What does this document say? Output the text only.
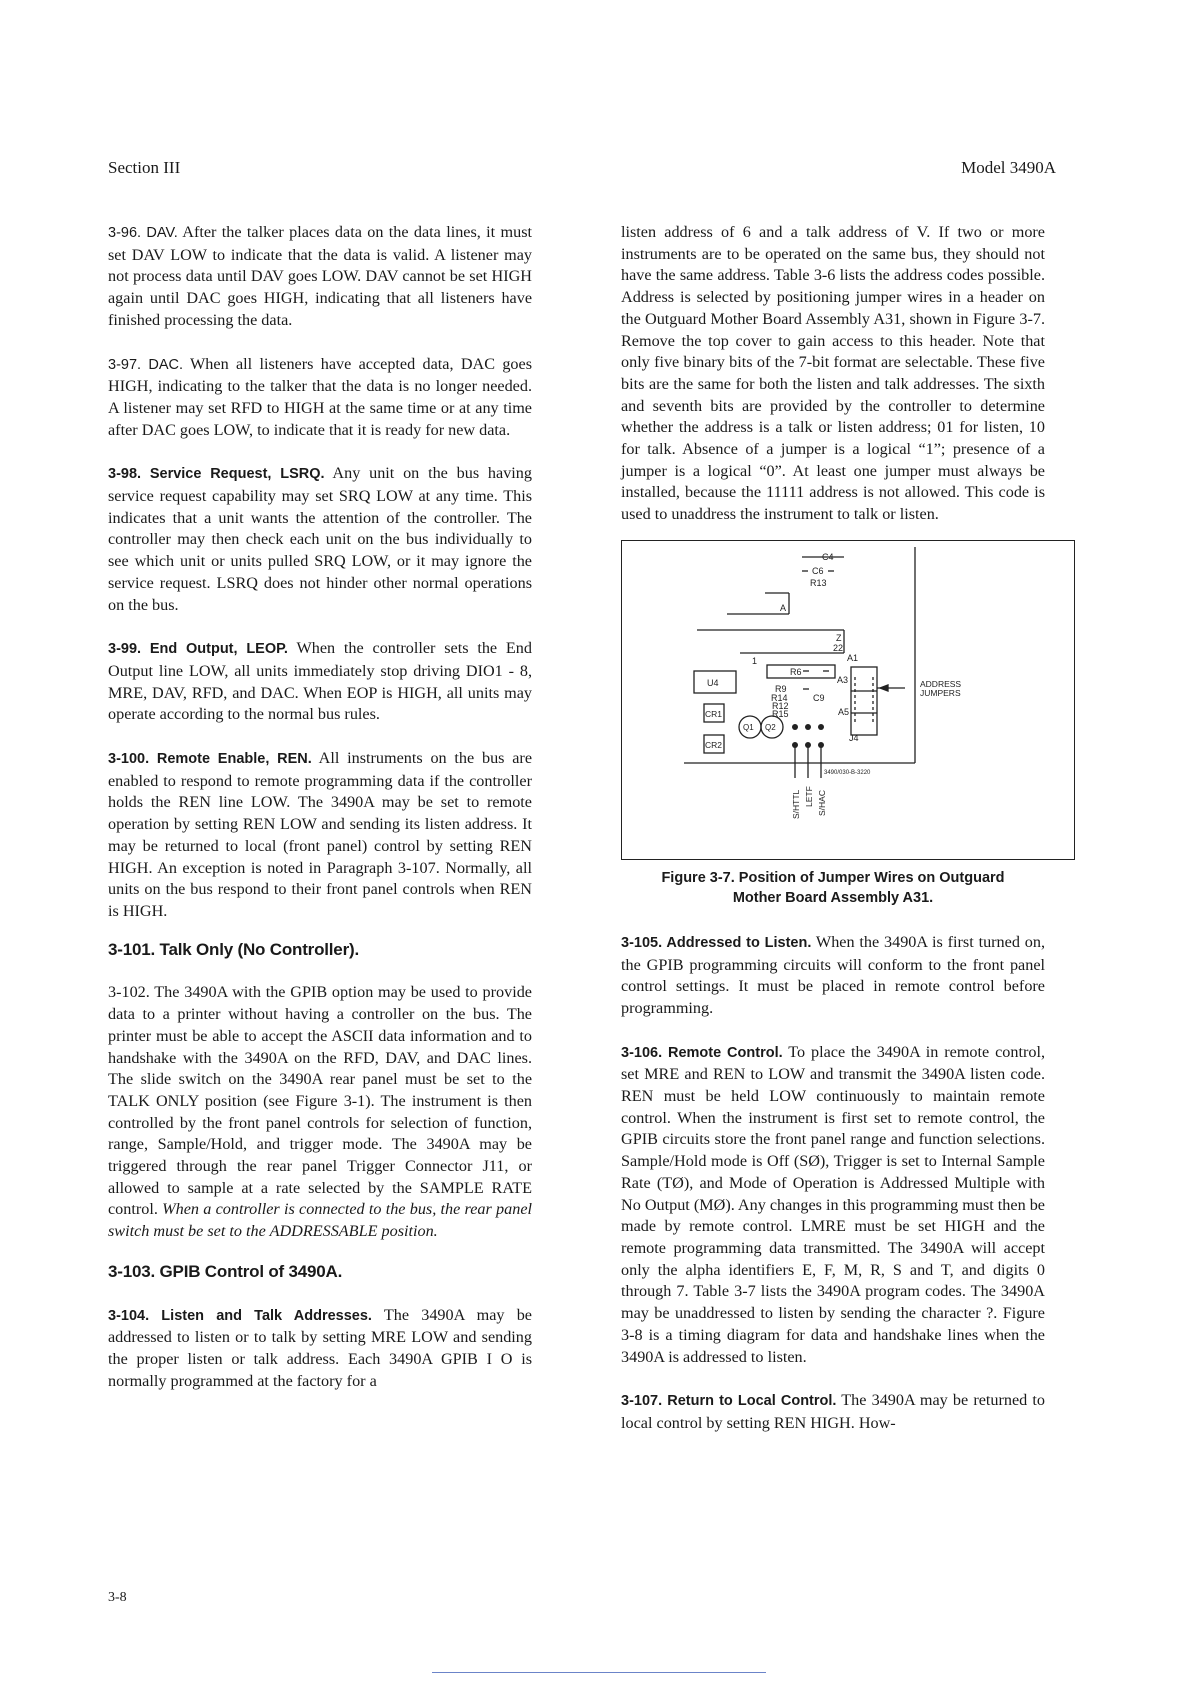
Section III	Model 3490A

3-96. DAV. After the talker places data on the data lines, it must set DAV LOW to indicate that the data is valid. A listener may not process data until DAV goes LOW. DAV cannot be set HIGH again until DAC goes HIGH, indicating that all listeners have finished processing the data.

3-97. DAC. When all listeners have accepted data, DAC goes HIGH, indicating to the talker that the data is no longer needed. A listener may set RFD to HIGH at the same time or at any time after DAC goes LOW, to indicate that it is ready for new data.

3-98. Service Request, LSRQ. Any unit on the bus having service request capability may set SRQ LOW at any time. This indicates that a unit wants the attention of the controller. The controller may then check each unit on the bus individually to see which unit or units pulled SRQ LOW, or it may ignore the service request. LSRQ does not hinder other normal operations on the bus.

3-99. End Output, LEOP. When the controller sets the End Output line LOW, all units immediately stop driving DIO1 - 8, MRE, DAV, RFD, and DAC. When EOP is HIGH, all units may operate according to the normal bus rules.

3-100. Remote Enable, REN. All instruments on the bus are enabled to respond to remote programming data if the controller holds the REN line LOW. The 3490A may be set to remote operation by setting REN LOW and sending its listen address. It may be returned to local (front panel) control by setting REN HIGH. An exception is noted in Paragraph 3-107. Normally, all units on the bus respond to their front panel controls when REN is HIGH.

3-101. Talk Only (No Controller).

3-102. The 3490A with the GPIB option may be used to provide data to a printer without having a controller on the bus. The printer must be able to accept the ASCII data information and to handshake with the 3490A on the RFD, DAV, and DAC lines. The slide switch on the 3490A rear panel must be set to the TALK ONLY position (see Figure 3-1). The instrument is then controlled by the front panel controls for selection of function, range, Sample/Hold, and trigger mode. The 3490A may be triggered through the rear panel Trigger Connector J11, or allowed to sample at a rate selected by the SAMPLE RATE control. When a controller is connected to the bus, the rear panel switch must be set to the ADDRESSABLE position.

3-103. GPIB Control of 3490A.

3-104. Listen and Talk Addresses. The 3490A may be addressed to listen or to talk by setting MRE LOW and sending the proper listen or talk address. Each 3490A GPIB I O is normally programmed at the factory for a

listen address of 6 and a talk address of V. If two or more instruments are to be operated on the same bus, they should not have the same address. Table 3-6 lists the address codes possible. Address is selected by positioning jumper wires in a header on the Outguard Mother Board Assembly A31, shown in Figure 3-7. Remove the top cover to gain access to this header. Note that only five binary bits of the 7-bit format are selectable. These five bits are the same for both the listen and talk addresses. The sixth and seventh bits are provided by the controller to determine whether the address is a talk or listen address; 01 for listen, 10 for talk. Absence of a jumper is a logical “1”; presence of a jumper is a logical “0”. At least one jumper must always be installed, because the 11111 address is not allowed. This code is used to unaddress the instrument to talk or listen.

C4
C6
R13
A
Z
22
1
R6
A1
U4
R9
A3
R14	C9
R12
R15	A5
CR1
CR2
Q1 Q2
J4
ADDRESS
JUMPERS
3490/030-B-3220
S/HTTL LETF S/HAC
Figure 3-7. Position of Jumper Wires on Outguard
Mother Board Assembly A31.

3-105. Addressed to Listen. When the 3490A is first turned on, the GPIB programming circuits will conform to the front panel control settings. It must be placed in remote control before programming.

3-106. Remote Control. To place the 3490A in remote control, set MRE and REN to LOW and transmit the 3490A listen code. REN must be held LOW continuously to maintain remote control. When the instrument is first set to remote control, the GPIB circuits store the front panel range and function selections. Sample/Hold mode is Off (SØ), Trigger is set to Internal Sample Rate (TØ), and Mode of Operation is Addressed Multiple with No Output (MØ). Any changes in this programming must then be made by remote control. LMRE must be set HIGH and the remote programming data transmitted. The 3490A will accept only the alpha identifiers E, F, M, R, S and T, and digits 0 through 7. Table 3-7 lists the 3490A program codes. The 3490A may be unaddressed to listen by sending the character ?. Figure 3-8 is a timing diagram for data and handshake lines when the 3490A is addressed to listen.

3-107. Return to Local Control. The 3490A may be returned to local control by setting REN HIGH. How-

3-8
